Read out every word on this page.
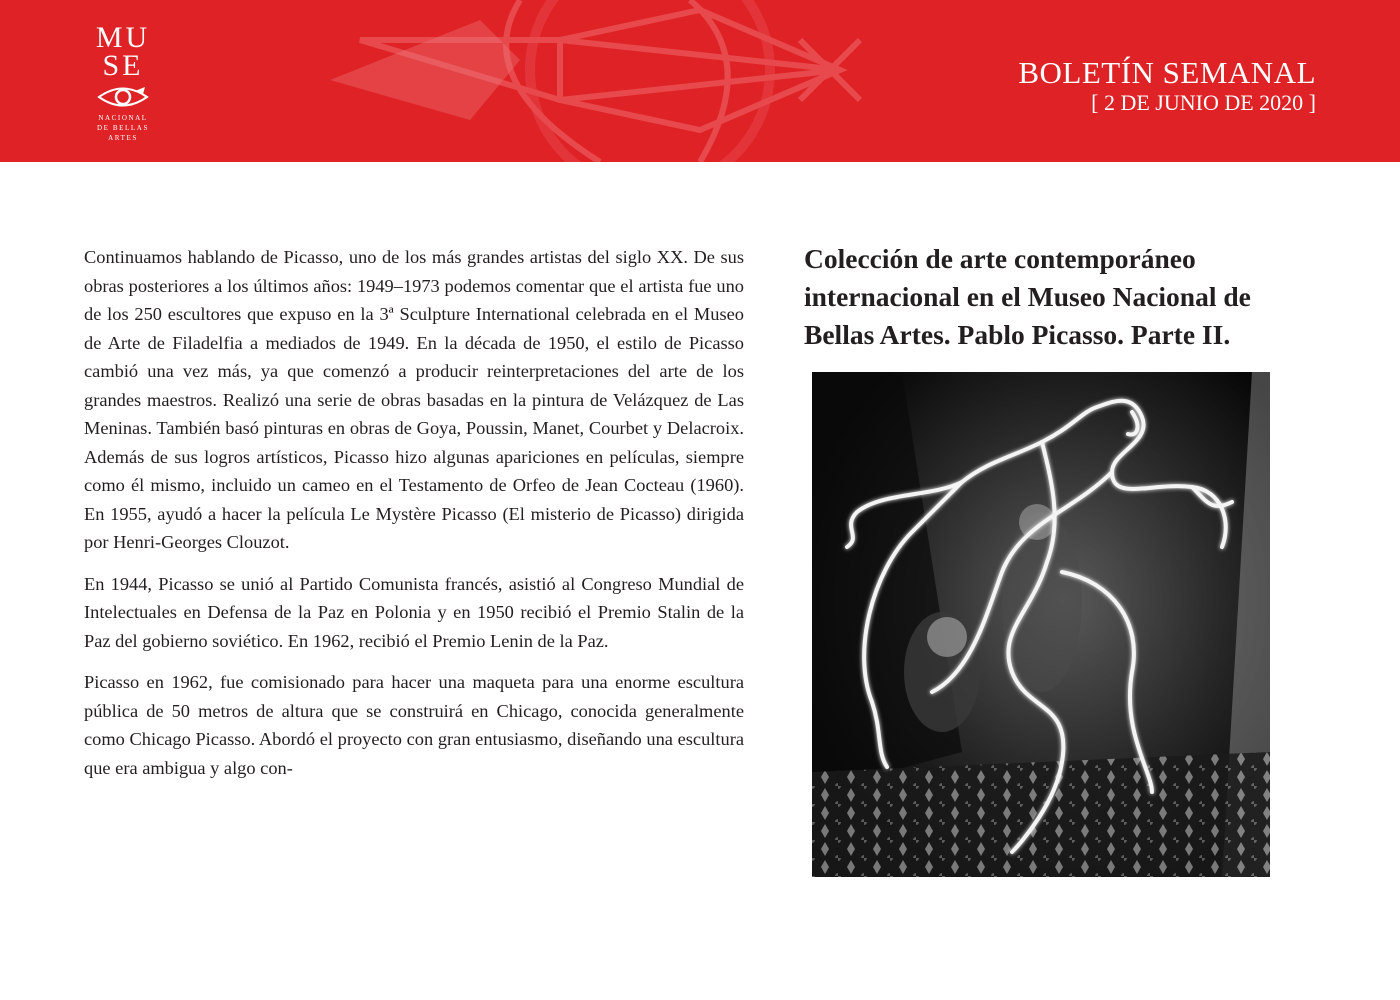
MU
SE
NACIONAL
DE BELLAS
ARTES
BOLETÍN SEMANAL
[ 2 DE JUNIO DE 2020 ]

Continuamos hablando de Picasso, uno de los más grandes artistas del siglo XX. De sus obras posteriores a los últimos años: 1949–1973 podemos comentar que el artista fue uno de los 250 escultores que expuso en la 3ª Sculpture International celebrada en el Museo de Arte de Filadelfia a mediados de 1949. En la década de 1950, el estilo de Picasso cambió una vez más, ya que comenzó a producir reinterpretaciones del arte de los grandes maestros. Realizó una serie de obras basadas en la pintura de Velázquez de Las Meninas. También basó pinturas en obras de Goya, Poussin, Manet, Courbet y Delacroix. Además de sus logros artísticos, Picasso hizo algunas apariciones en películas, siempre como él mismo, incluido un cameo en el Testamento de Orfeo de Jean Cocteau (1960). En 1955, ayudó a hacer la película Le Mystère Picasso (El misterio de Picasso) dirigida por Henri-Georges Clouzot.

En 1944, Picasso se unió al Partido Comunista francés, asistió al Congreso Mundial de Intelectuales en Defensa de la Paz en Polonia y en 1950 recibió el Premio Stalin de la Paz del gobierno soviético. En 1962, recibió el Premio Lenin de la Paz.

Picasso en 1962, fue comisionado para hacer una maqueta para una enorme escultura pública de 50 metros de altura que se construirá en Chicago, conocida generalmente como Chicago Picasso. Abordó el proyecto con gran entusiasmo, diseñando una escultura que era ambigua y algo con-

Colección de arte contemporáneo internacional en el Museo Nacional de Bellas Artes. Pablo Picasso. Parte II.
